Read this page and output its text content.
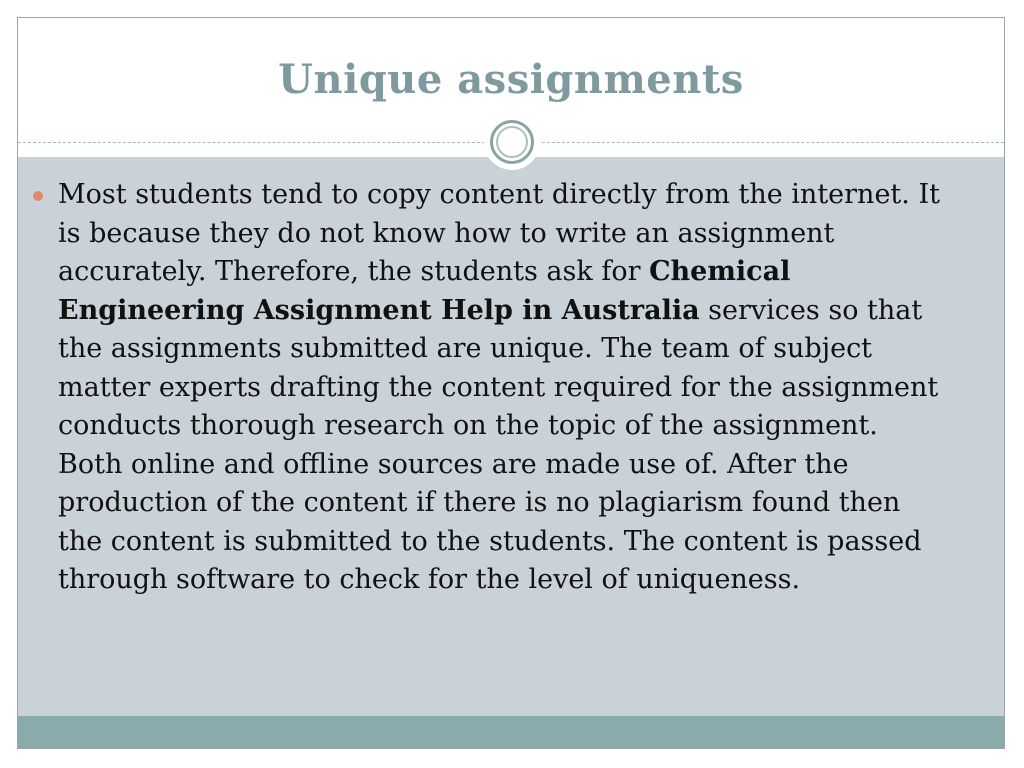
Unique assignments
Most students tend to copy content directly from the internet. It is because they do not know how to write an assignment accurately. Therefore, the students ask for Chemical Engineering Assignment Help in Australia services so that the assignments submitted are unique. The team of subject matter experts drafting the content required for the assignment conducts thorough research on the topic of the assignment. Both online and offline sources are made use of. After the production of the content if there is no plagiarism found then the content is submitted to the students. The content is passed through software to check for the level of uniqueness.
